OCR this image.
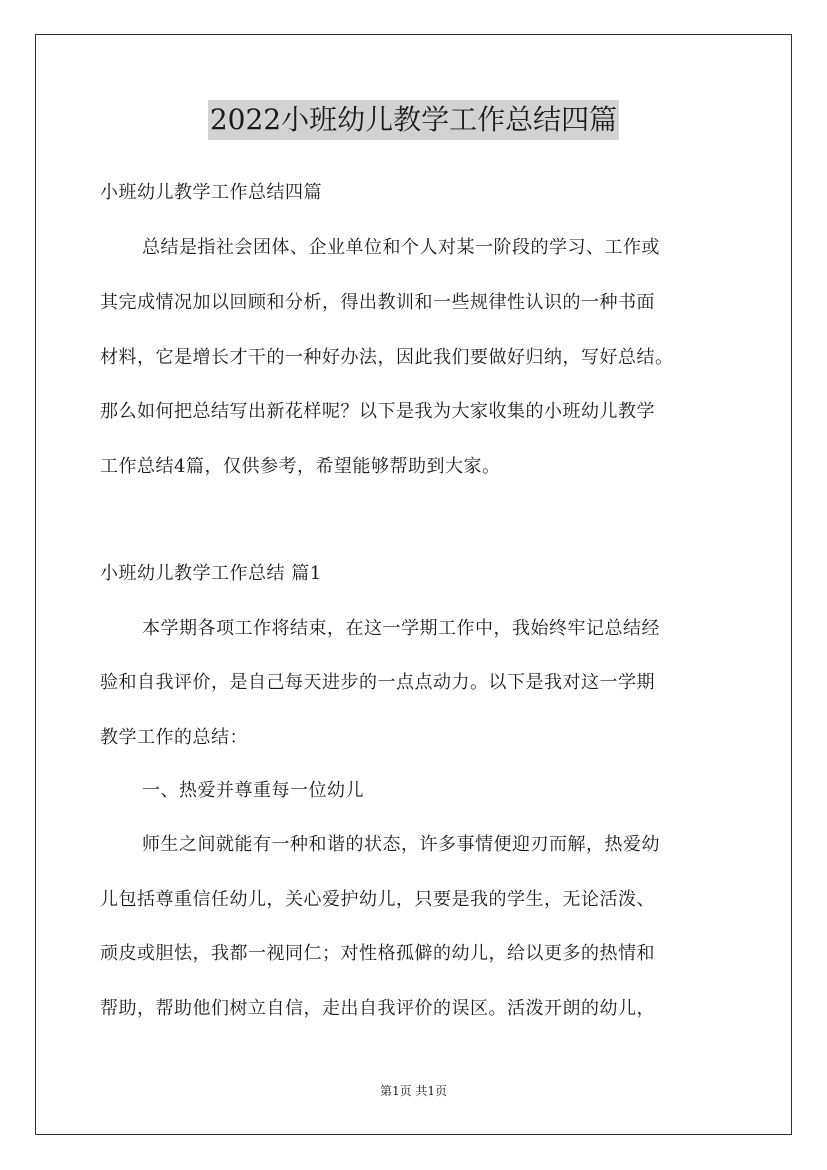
2022小班幼儿教学工作总结四篇
小班幼儿教学工作总结四篇
总结是指社会团体、企业单位和个人对某一阶段的学习、工作或
其完成情况加以回顾和分析，得出教训和一些规律性认识的一种书面
材料，它是增长才干的一种好办法，因此我们要做好归纳，写好总结。
那么如何把总结写出新花样呢？以下是我为大家收集的小班幼儿教学
工作总结4篇，仅供参考，希望能够帮助到大家。
小班幼儿教学工作总结 篇1
本学期各项工作将结束，在这一学期工作中，我始终牢记总结经
验和自我评价，是自己每天进步的一点点动力。以下是我对这一学期
教学工作的总结：
一、热爱并尊重每一位幼儿
师生之间就能有一种和谐的状态，许多事情便迎刃而解，热爱幼
儿包括尊重信任幼儿，关心爱护幼儿，只要是我的学生，无论活泼、
顽皮或胆怯，我都一视同仁；对性格孤僻的幼儿，给以更多的热情和
帮助，帮助他们树立自信，走出自我评价的误区。活泼开朗的幼儿，
第1页 共1页
